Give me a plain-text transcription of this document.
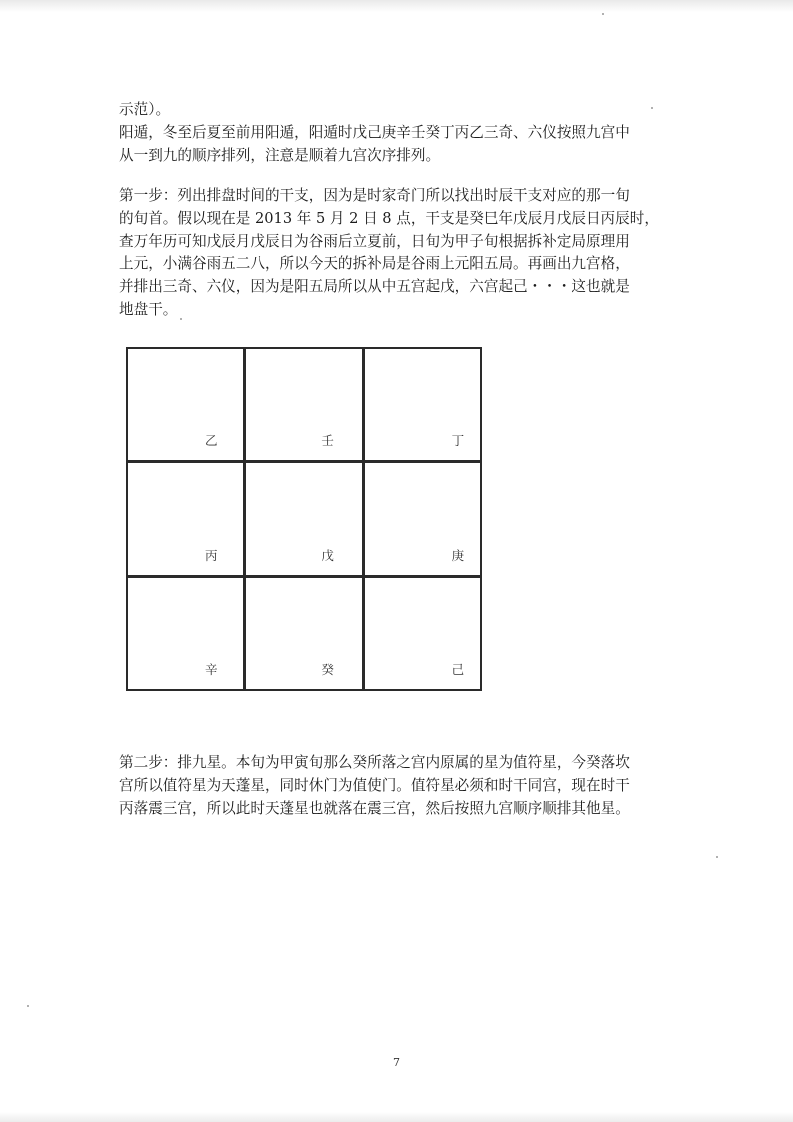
示范）。
阳遁，冬至后夏至前用阳遁，阳遁时戊己庚辛壬癸丁丙乙三奇、六仪按照九宫中
从一到九的顺序排列，注意是顺着九宫次序排列。
第一步：列出排盘时间的干支，因为是时家奇门所以找出时辰干支对应的那一旬
的旬首。假以现在是 2013 年 5 月 2 日 8 点，干支是癸巳年戊辰月戊辰日丙辰时，
查万年历可知戊辰月戊辰日为谷雨后立夏前，日旬为甲子旬根据拆补定局原理用
上元，小满谷雨五二八，所以今天的拆补局是谷雨上元阳五局。再画出九宫格，
并排出三奇、六仪，因为是阳五局所以从中五宫起戊，六宫起己・・・这也就是
地盘干。
乙	壬	丁
丙	戊	庚
辛	癸	己
第二步：排九星。本旬为甲寅旬那么癸所落之宫内原属的星为值符星，今癸落坎
宫所以值符星为天蓬星，同时休门为值使门。值符星必须和时干同宫，现在时干
丙落震三宫，所以此时天蓬星也就落在震三宫，然后按照九宫顺序顺排其他星。
7
